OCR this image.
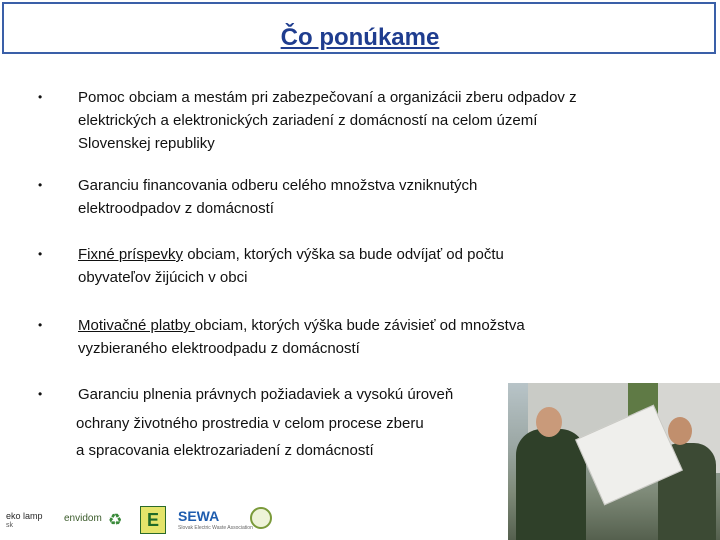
Čo ponúkame
•	Pomoc obciam a mestám pri zabezpečovaní a organizácii zberu odpadov z
elektrických a elektronických zariadení z domácností na celom území
Slovenskej republiky
•	Garanciu financovania odberu celého množstva vzniknutých
elektroodpadov z domácností
•	Fixné príspevky obciam, ktorých výška sa bude odvíjať od počtu
obyvateľov žijúcich v obci
•	Motivačné platby obciam, ktorých výška bude závisieť od množstva
vyzbieraného elektroodpadu z domácností
•	Garanciu plnenia právnych požiadaviek a vysokú úroveň
ochrany životného prostredia v celom procese zberu
a spracovania elektrozariadení z domácností
eko lamp
sk
envidom ♻	E	SEWA
Slovak Electric Waste Association
